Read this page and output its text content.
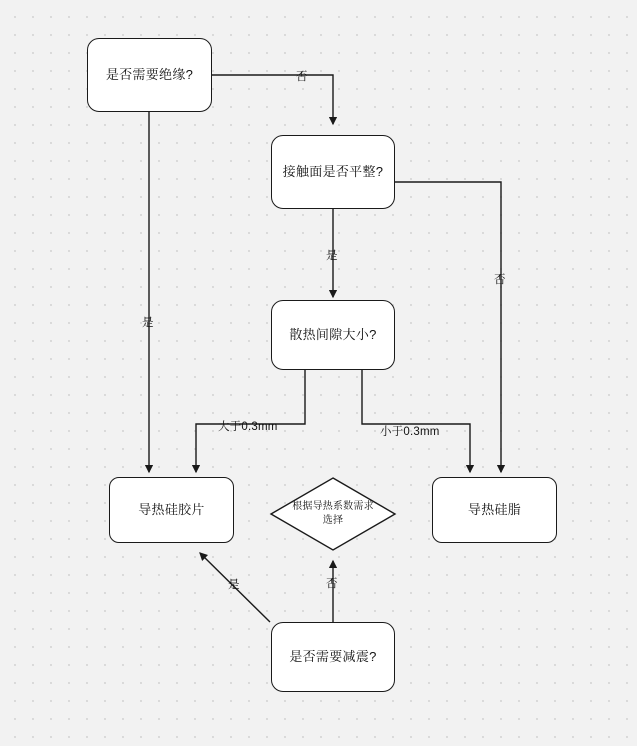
是否需要绝缘?
接触面是否平整?
散热间隙大小?
导热硅胶片	导热硅脂
根据导热系数需求选择
是否需要减震?
否
是
否
是
大于0.3mm	小于0.3mm
是	否
